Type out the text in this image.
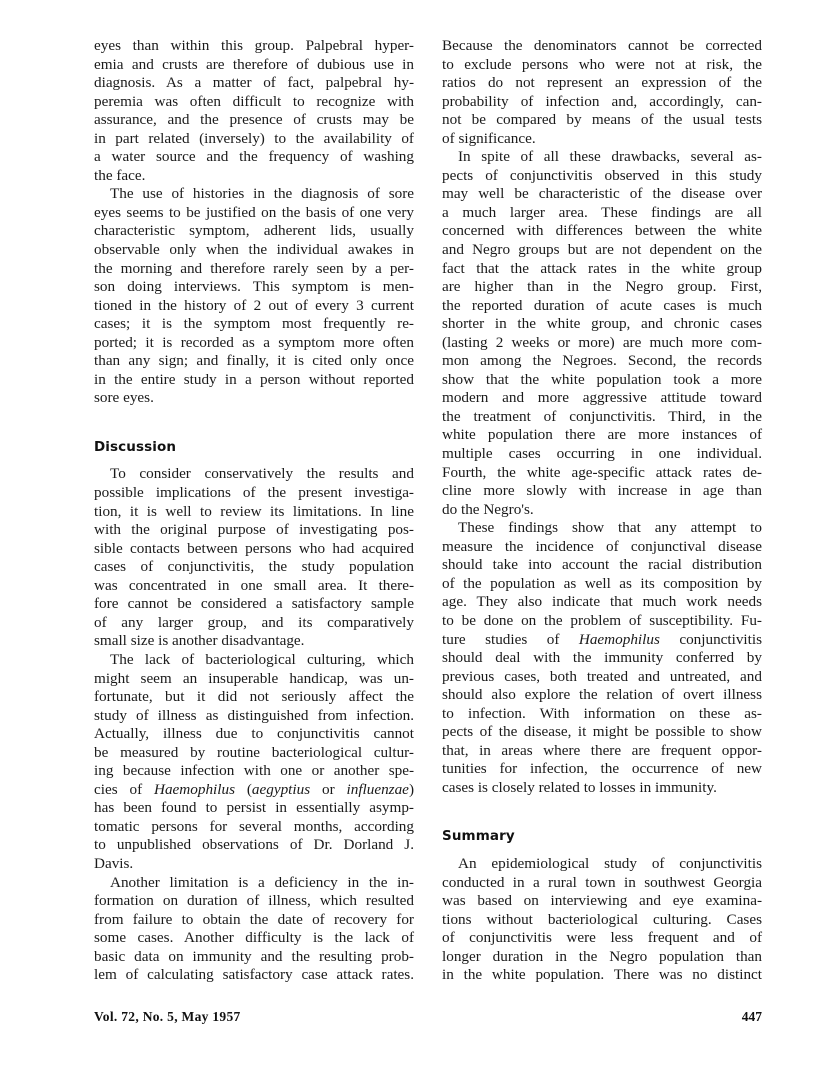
eyes than within this group. Palpebral hyper-
emia and crusts are therefore of dubious use in
diagnosis. As a matter of fact, palpebral hy-
peremia was often difficult to recognize with
assurance, and the presence of crusts may be
in part related (inversely) to the availability of
a water source and the frequency of washing
the face.
The use of histories in the diagnosis of sore
eyes seems to be justified on the basis of one very
characteristic symptom, adherent lids, usually
observable only when the individual awakes in
the morning and therefore rarely seen by a per-
son doing interviews. This symptom is men-
tioned in the history of 2 out of every 3 current
cases; it is the symptom most frequently re-
ported; it is recorded as a symptom more often
than any sign; and finally, it is cited only once
in the entire study in a person without reported
sore eyes.
Discussion
To consider conservatively the results and
possible implications of the present investiga-
tion, it is well to review its limitations. In line
with the original purpose of investigating pos-
sible contacts between persons who had acquired
cases of conjunctivitis, the study population
was concentrated in one small area. It there-
fore cannot be considered a satisfactory sample
of any larger group, and its comparatively
small size is another disadvantage.
The lack of bacteriological culturing, which
might seem an insuperable handicap, was un-
fortunate, but it did not seriously affect the
study of illness as distinguished from infection.
Actually, illness due to conjunctivitis cannot
be measured by routine bacteriological cultur-
ing because infection with one or another spe-
cies of Haemophilus (aegyptius or influenzae)
has been found to persist in essentially asymp-
tomatic persons for several months, according
to unpublished observations of Dr. Dorland J.
Davis.
Another limitation is a deficiency in the in-
formation on duration of illness, which resulted
from failure to obtain the date of recovery for
some cases. Another difficulty is the lack of
basic data on immunity and the resulting prob-
lem of calculating satisfactory case attack rates.
Because the denominators cannot be corrected
to exclude persons who were not at risk, the
ratios do not represent an expression of the
probability of infection and, accordingly, can-
not be compared by means of the usual tests
of significance.
In spite of all these drawbacks, several as-
pects of conjunctivitis observed in this study
may well be characteristic of the disease over
a much larger area. These findings are all
concerned with differences between the white
and Negro groups but are not dependent on the
fact that the attack rates in the white group
are higher than in the Negro group. First,
the reported duration of acute cases is much
shorter in the white group, and chronic cases
(lasting 2 weeks or more) are much more com-
mon among the Negroes. Second, the records
show that the white population took a more
modern and more aggressive attitude toward
the treatment of conjunctivitis. Third, in the
white population there are more instances of
multiple cases occurring in one individual.
Fourth, the white age-specific attack rates de-
cline more slowly with increase in age than
do the Negro's.
These findings show that any attempt to
measure the incidence of conjunctival disease
should take into account the racial distribution
of the population as well as its composition by
age. They also indicate that much work needs
to be done on the problem of susceptibility. Fu-
ture studies of Haemophilus conjunctivitis
should deal with the immunity conferred by
previous cases, both treated and untreated, and
should also explore the relation of overt illness
to infection. With information on these as-
pects of the disease, it might be possible to show
that, in areas where there are frequent oppor-
tunities for infection, the occurrence of new
cases is closely related to losses in immunity.
Summary
An epidemiological study of conjunctivitis
conducted in a rural town in southwest Georgia
was based on interviewing and eye examina-
tions without bacteriological culturing. Cases
of conjunctivitis were less frequent and of
longer duration in the Negro population than
in the white population. There was no distinct
Vol. 72, No. 5, May 1957	447
